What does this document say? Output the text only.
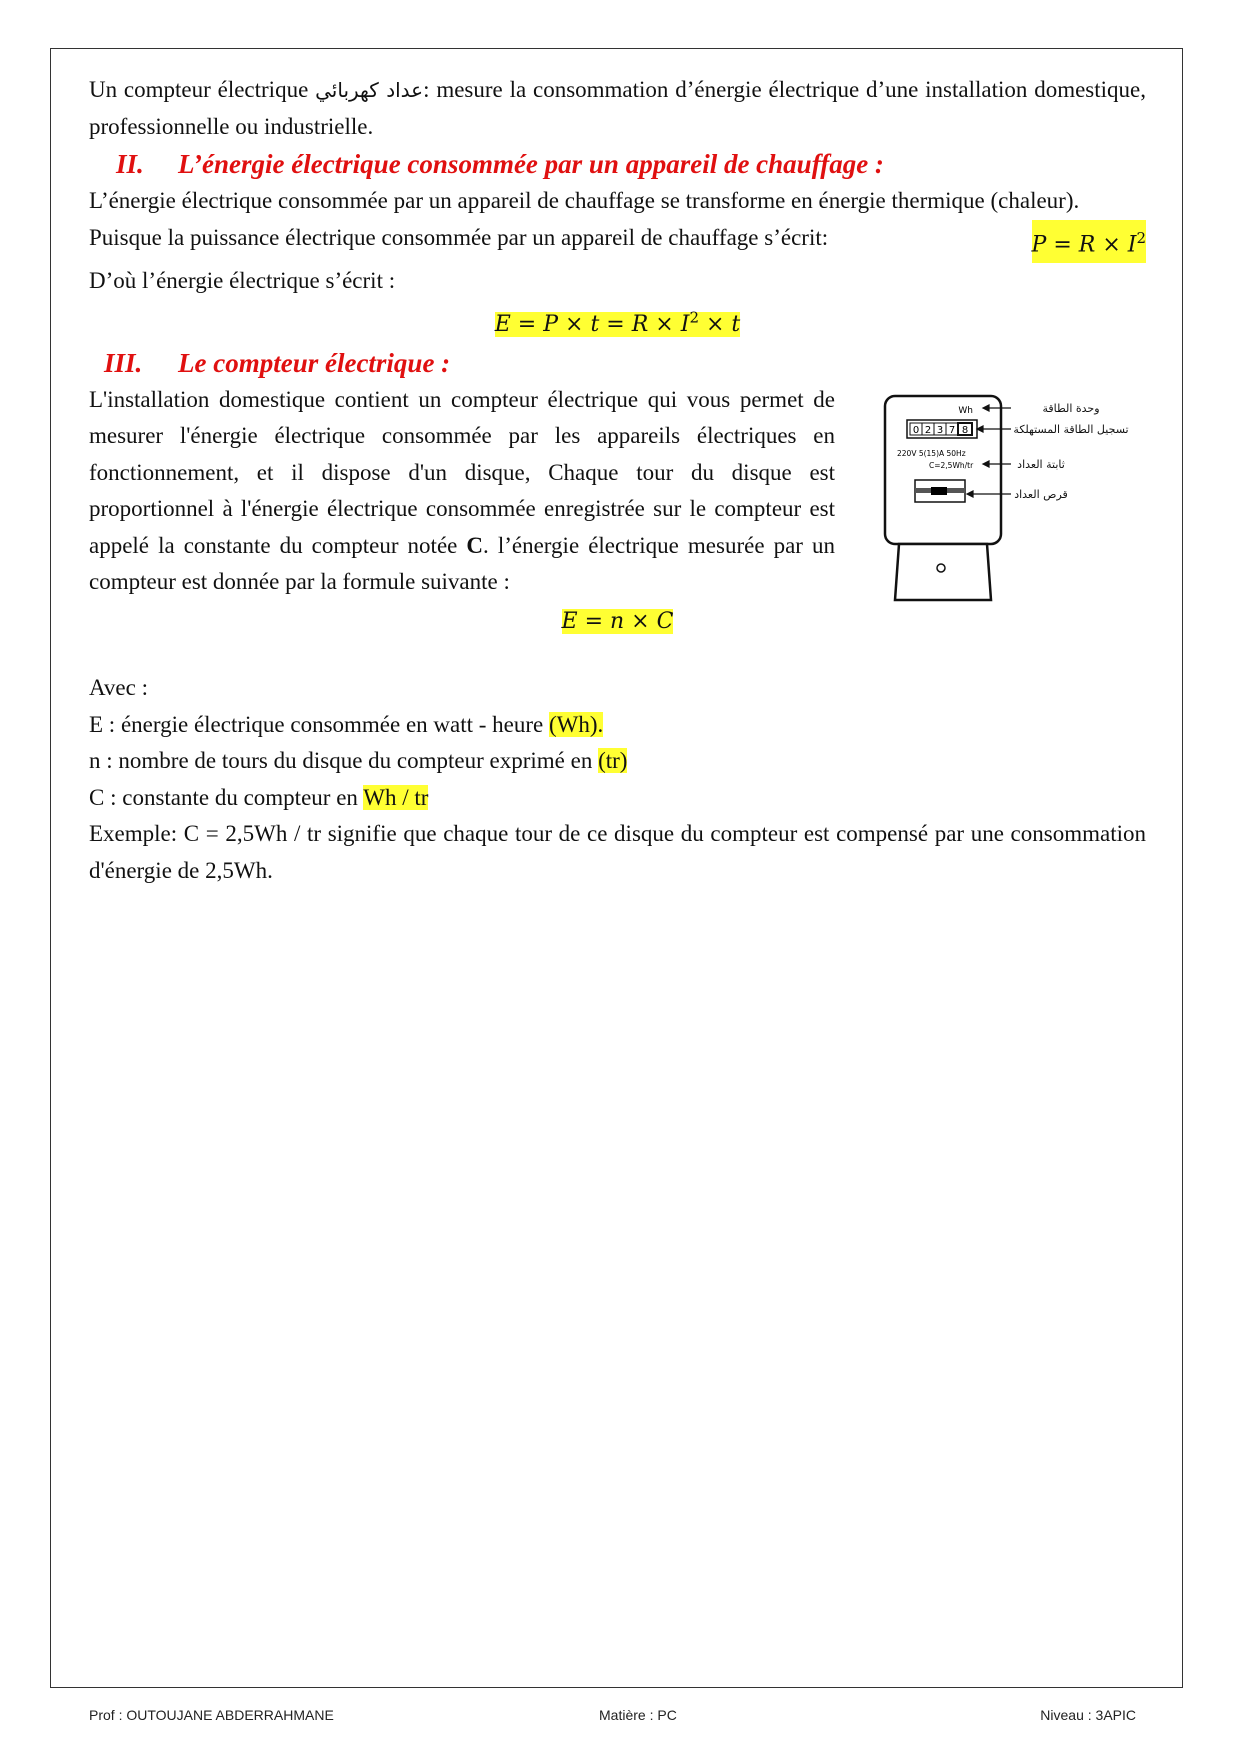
Un compteur électrique عداد كهربائي: mesure la consommation d’énergie électrique d’une installation domestique, professionnelle ou industrielle.

II. L’énergie électrique consommée par un appareil de chauffage :

L’énergie électrique consommée par un appareil de chauffage se transforme en énergie thermique (chaleur).

Puisque la puissance électrique consommée par un appareil de chauffage s’écrit:	$P = R \times I^2$

D’où l’énergie électrique s’écrit :

$E = P \times t = R \times I^2 \times t$

III. Le compteur électrique :

L'installation domestique contient un compteur électrique qui vous permet de mesurer l'énergie électrique consommée par les appareils électriques en fonctionnement, et il dispose d'un disque, Chaque tour du disque est proportionnel à l'énergie électrique consommée enregistrée sur le compteur est appelé la constante du compteur notée C. l’énergie électrique mesurée par un compteur est donnée par la formule suivante :

Wh
0 2 3 7 8
220V 5(15)A 50Hz
C=2,5Wh/tr
وحدة الطاقة
تسجيل الطاقة المستهلكة
ثابتة العداد
قرص العداد

E = n × C

Avec :

E : énergie électrique consommée en watt - heure (Wh).

n : nombre de tours du disque du compteur exprimé en (tr)

C : constante du compteur en Wh / tr

Exemple: C = 2,5Wh / tr signifie que chaque tour de ce disque du compteur est compensé par une consommation d'énergie de 2,5Wh.

Prof : OUTOUJANE ABDERRAHMANE	Matière : PC	Niveau : 3APIC
